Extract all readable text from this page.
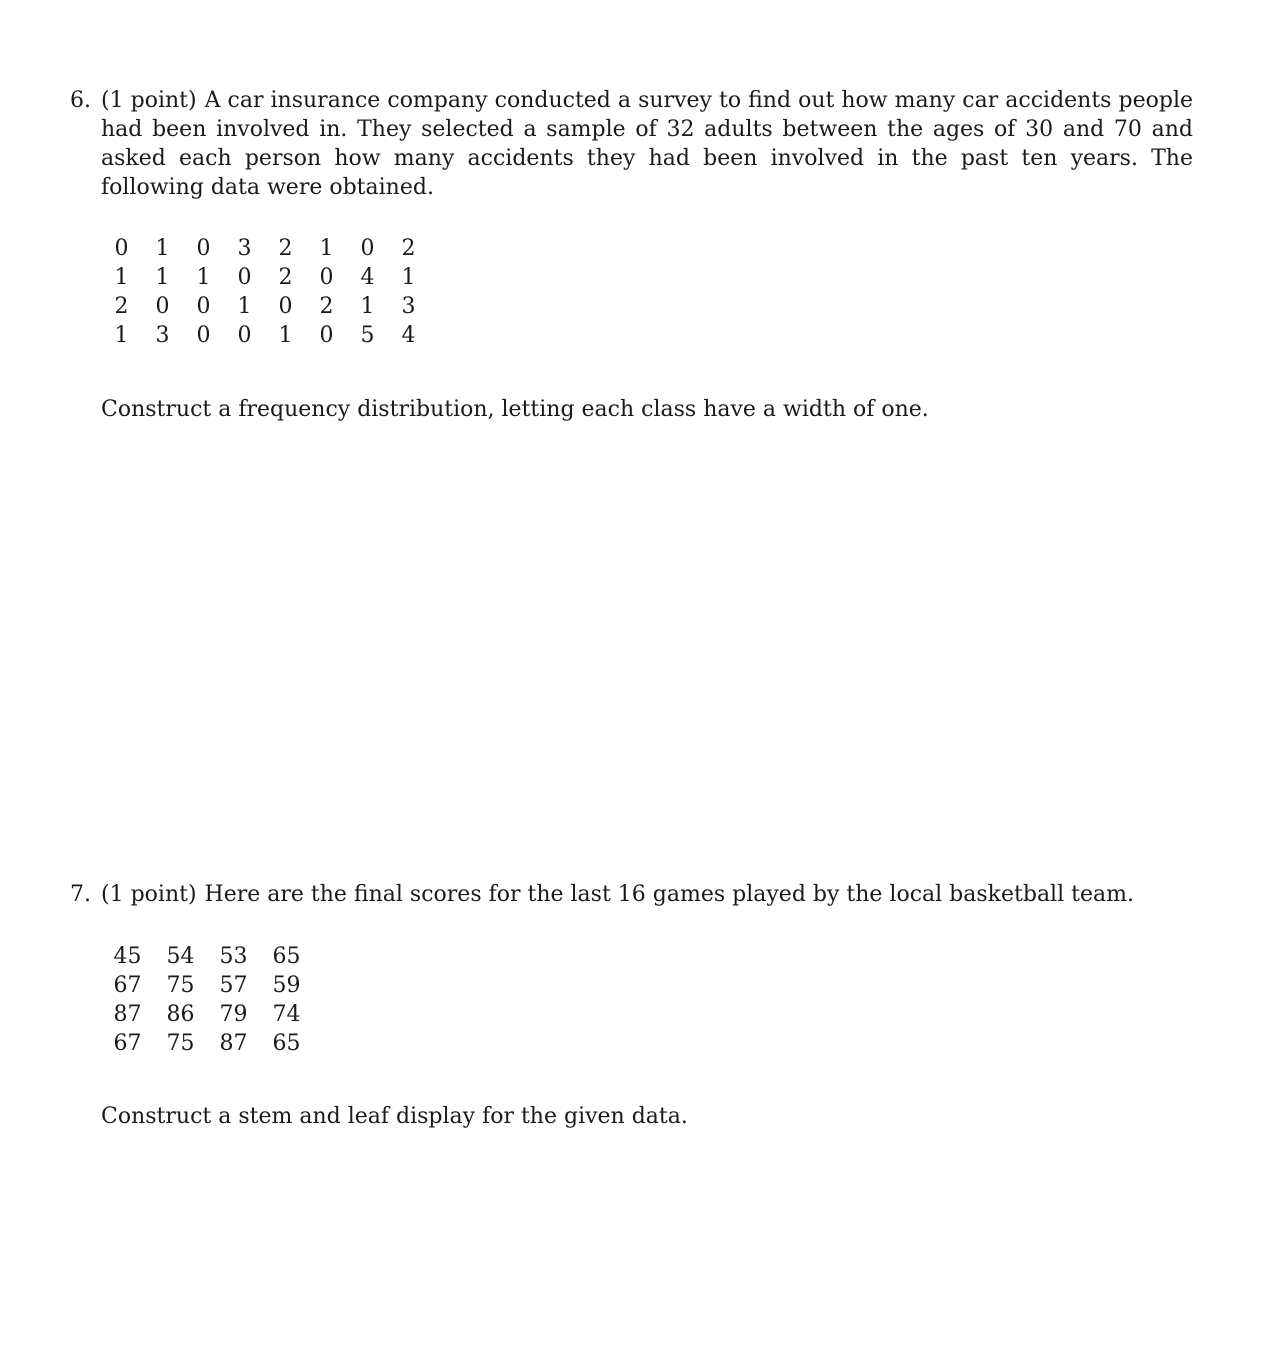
6. (1 point) A car insurance company conducted a survey to find out how many car accidents people had been involved in. They selected a sample of 32 adults between the ages of 30 and 70 and asked each person how many accidents they had been involved in the past ten years. The following data were obtained.
0	1	0	3	2	1	0	2
1	1	1	0	2	0	4	1
2	0	0	1	0	2	1	3
1	3	0	0	1	0	5	4
Construct a frequency distribution, letting each class have a width of one.
7. (1 point) Here are the final scores for the last 16 games played by the local basketball team.
45	54	53	65
67	75	57	59
87	86	79	74
67	75	87	65
Construct a stem and leaf display for the given data.
